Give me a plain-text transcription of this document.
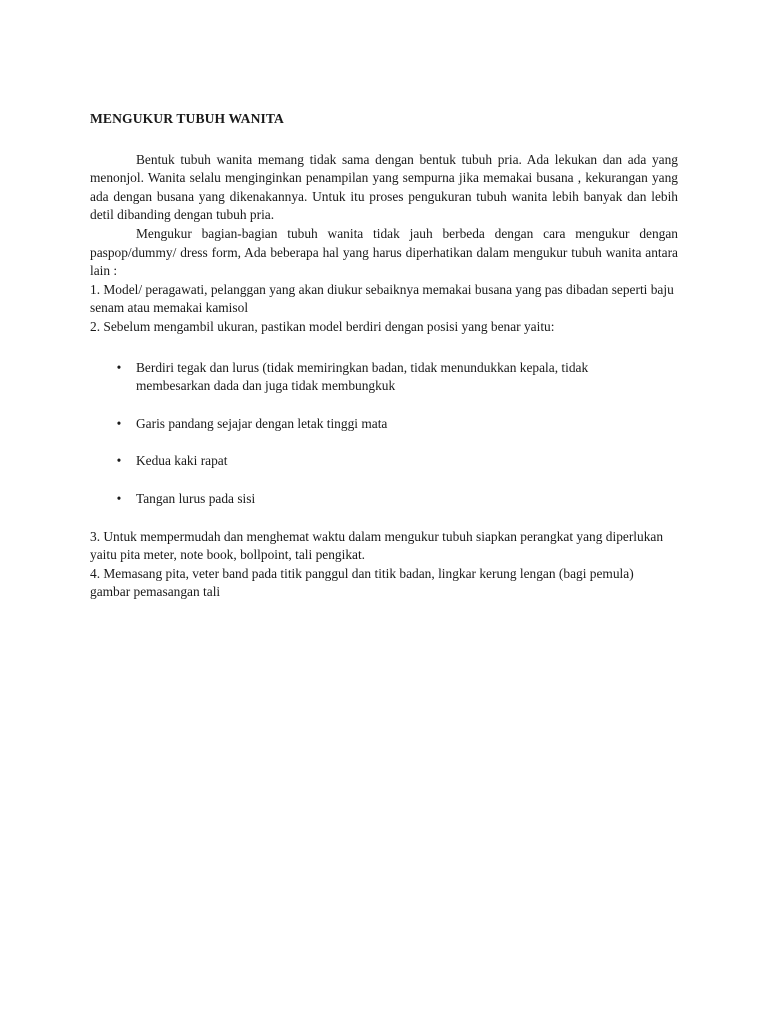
MENGUKUR TUBUH WANITA

Bentuk tubuh wanita memang tidak sama dengan bentuk tubuh pria. Ada lekukan dan ada yang menonjol. Wanita selalu menginginkan penampilan yang sempurna jika memakai busana , kekurangan yang ada dengan busana yang dikenakannya. Untuk itu proses pengukuran tubuh wanita lebih banyak dan lebih detil dibanding dengan tubuh pria.

Mengukur bagian-bagian tubuh wanita tidak jauh berbeda dengan cara mengukur dengan paspop/dummy/ dress form, Ada beberapa hal yang harus diperhatikan dalam mengukur tubuh wanita antara lain :

1. Model/ peragawati, pelanggan yang akan diukur sebaiknya memakai busana yang pas dibadan seperti baju senam atau memakai kamisol

2. Sebelum mengambil ukuran, pastikan model berdiri dengan posisi yang benar yaitu:

• Berdiri tegak dan lurus (tidak memiringkan badan, tidak menundukkan kepala, tidak membesarkan dada dan juga tidak membungkuk
• Garis pandang sejajar dengan letak tinggi mata
• Kedua kaki rapat
• Tangan lurus pada sisi

3. Untuk mempermudah dan menghemat waktu dalam mengukur tubuh siapkan perangkat yang diperlukan yaitu pita meter, note book, bollpoint, tali pengikat.

4. Memasang pita, veter band pada titik panggul dan titik badan, lingkar kerung lengan (bagi pemula)

gambar pemasangan tali
